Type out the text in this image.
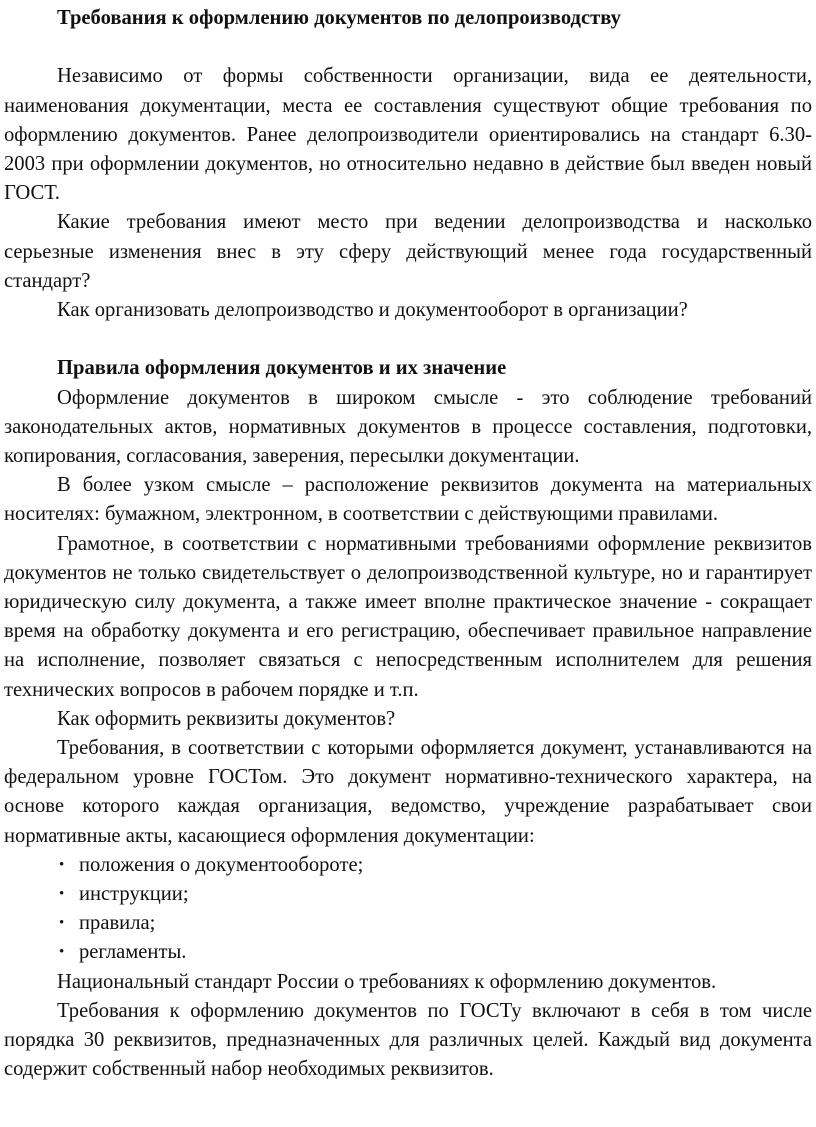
Требования к оформлению документов по делопроизводству

Независимо от формы собственности организации, вида ее деятельности, наименования документации, места ее составления существуют общие требования по оформлению документов. Ранее делопроизводители ориентировались на стандарт 6.30-2003 при оформлении документов, но относительно недавно в действие был введен новый ГОСТ.

Какие требования имеют место при ведении делопроизводства и насколько серьезные изменения внес в эту сферу действующий менее года государственный стандарт?

Как организовать делопроизводство и документооборот в организации?

Правила оформления документов и их значение

Оформление документов в широком смысле - это соблюдение требований законодательных актов, нормативных документов в процессе составления, подготовки, копирования, согласования, заверения, пересылки документации.

В более узком смысле – расположение реквизитов документа на материальных носителях: бумажном, электронном, в соответствии с действующими правилами.

Грамотное, в соответствии с нормативными требованиями оформление реквизитов документов не только свидетельствует о делопроизводственной культуре, но и гарантирует юридическую силу документа, а также имеет вполне практическое значение - сокращает время на обработку документа и его регистрацию, обеспечивает правильное направление на исполнение, позволяет связаться с непосредственным исполнителем для решения технических вопросов в рабочем порядке и т.п.

Как оформить реквизиты документов?

Требования, в соответствии с которыми оформляется документ, устанавливаются на федеральном уровне ГОСТом. Это документ нормативно-технического характера, на основе которого каждая организация, ведомство, учреждение разрабатывает свои нормативные акты, касающиеся оформления документации:

• положения о документообороте;
• инструкции;
• правила;
• регламенты.

Национальный стандарт России о требованиях к оформлению документов.

Требования к оформлению документов по ГОСТу включают в себя в том числе порядка 30 реквизитов, предназначенных для различных целей. Каждый вид документа содержит собственный набор необходимых реквизитов.
